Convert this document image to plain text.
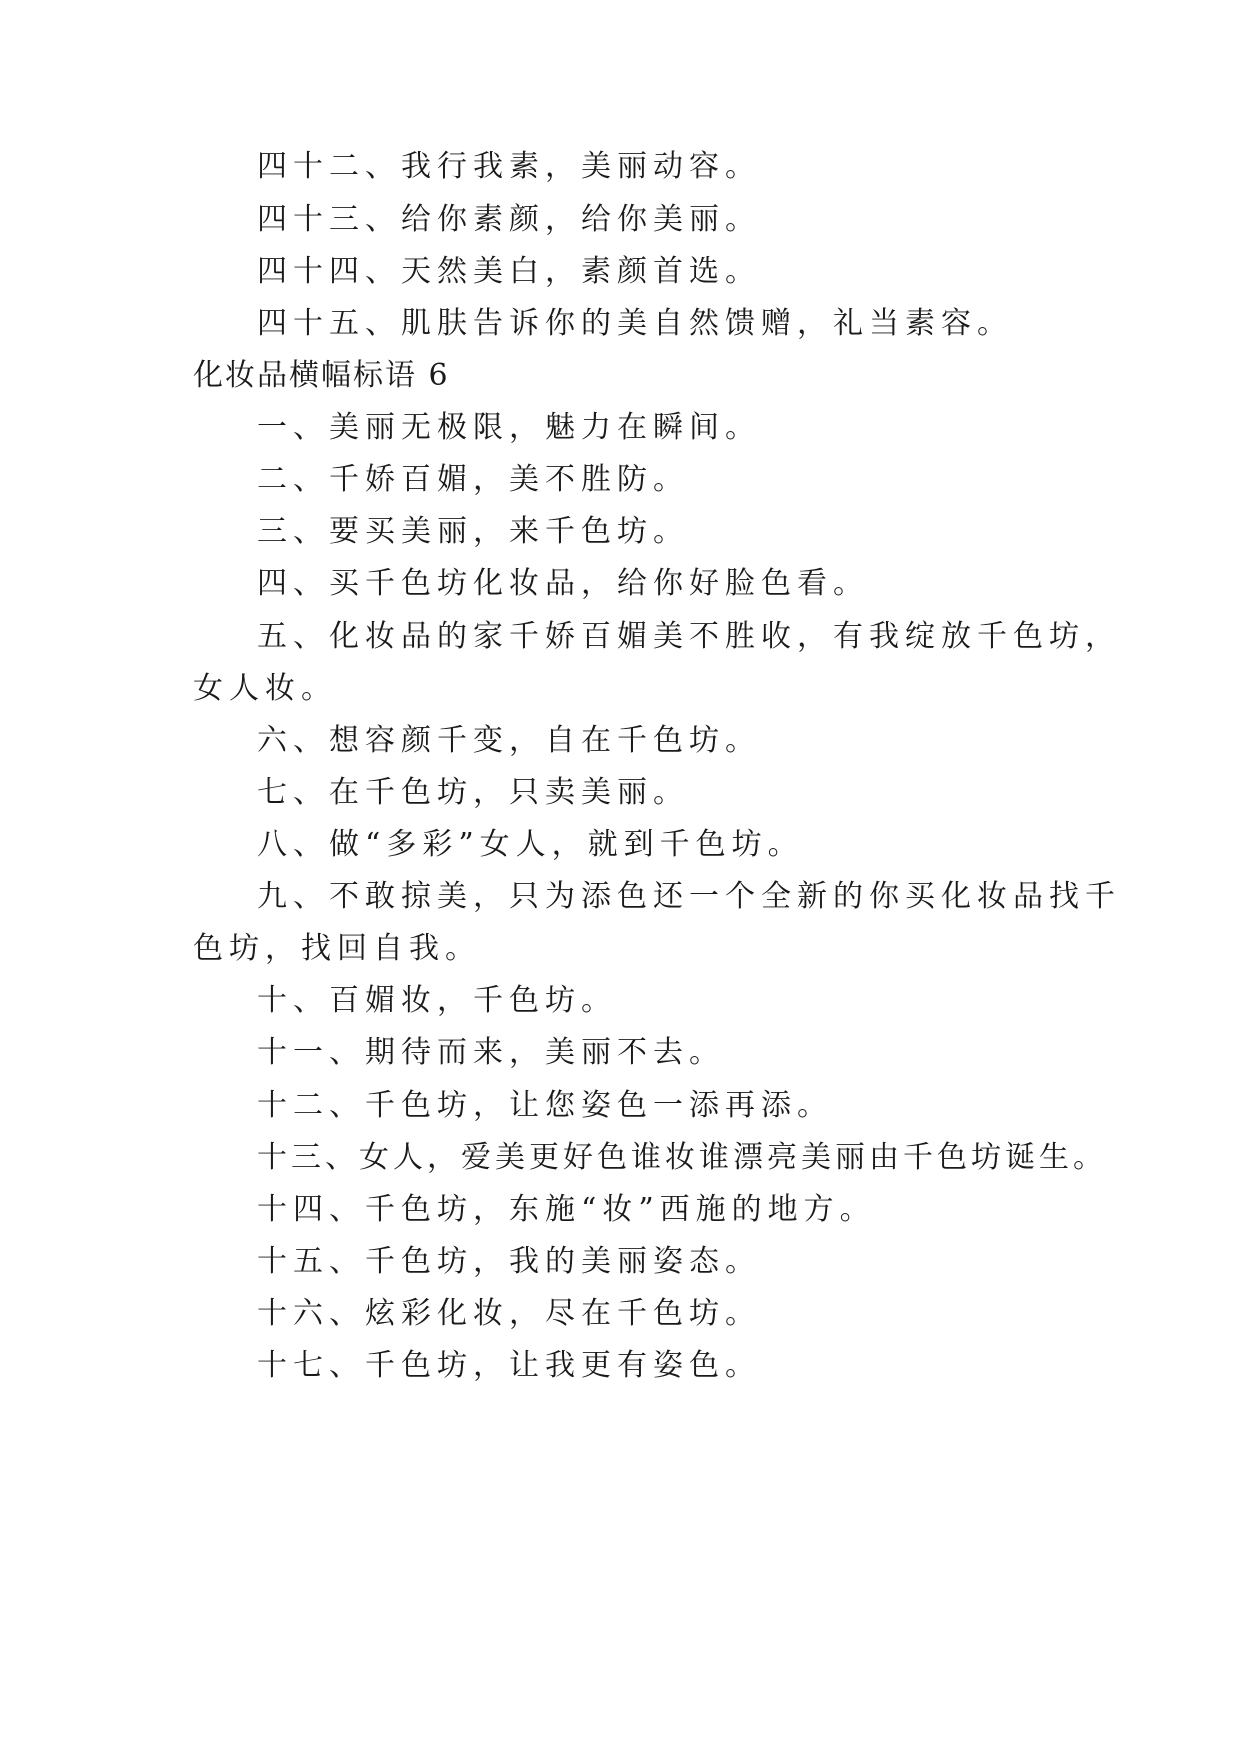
四十二、我行我素，美丽动容。
四十三、给你素颜，给你美丽。
四十四、天然美白，素颜首选。
四十五、肌肤告诉你的美自然馈赠，礼当素容。
化妆品横幅标语 6
一、美丽无极限，魅力在瞬间。
二、千娇百媚，美不胜防。
三、要买美丽，来千色坊。
四、买千色坊化妆品，给你好脸色看。
五、化妆品的家千娇百媚美不胜收，有我绽放千色坊，
女人妆。
六、想容颜千变，自在千色坊。
七、在千色坊，只卖美丽。
八、做“多彩”女人，就到千色坊。
九、不敢掠美，只为添色还一个全新的你买化妆品找千
色坊，找回自我。
十、百媚妆，千色坊。
十一、期待而来，美丽不去。
十二、千色坊，让您姿色一添再添。
十三、女人，爱美更好色谁妆谁漂亮美丽由千色坊诞生。
十四、千色坊，东施“妆”西施的地方。
十五、千色坊，我的美丽姿态。
十六、炫彩化妆，尽在千色坊。
十七、千色坊，让我更有姿色。
